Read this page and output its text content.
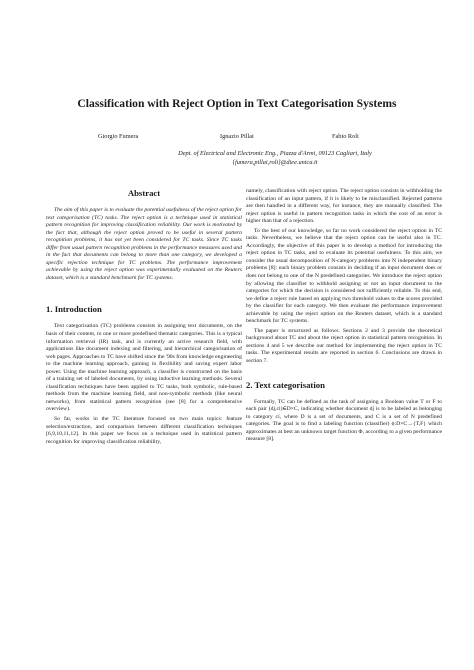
Classification with Reject Option in Text Categorisation Systems
Giorgio Fumera	Ignazio Pillai	Fabio Roli
Dept. of Electrical and Electronic Eng., Piazza d'Armi, 09123 Cagliari, Italy
{fumera,pillai,roli}@diee.unica.it
Abstract

The aim of this paper is to evaluate the potential usefulness of the reject option for text categorisation (TC) tasks. The reject option is a technique used in statistical pattern recognition for improving classification reliability. Our work is motivated by the fact that, although the reject option proved to be useful in several pattern recognition problems, it has not yet been considered for TC tasks. Since TC tasks differ from usual pattern recognition problems in the performance measures used and in the fact that documents can belong to more than one category, we developed a specific rejection technique for TC problems. The performance improvement achievable by using the reject option was experimentally evaluated on the Reuters dataset, which is a standard benchmark for TC systems.

1. Introduction

Text categorisation (TC) problems consists in assigning text documents, on the basis of their content, to one or more predefined thematic categories. This is a typical information retrieval (IR) task, and is currently an active research field, with applications like document indexing and filtering, and hierarchical categorisation of web pages. Approaches to TC have shifted since the '90s from knowledge engineering to the machine learning approach, gaining in flexibility and saving expert labor power. Using the machine learning approach, a classifier is constructed on the basis of a training set of labeled documents, by using inductive learning methods. Several classification techniques have been applied to TC tasks, both symbolic, rule-based methods from the machine learning field, and non-symbolic methods (like neural networks), from statistical pattern recognition (see [8] for a comprehensive overview).

So far, works in the TC literature focused on two main topics: feature selection/extraction, and comparison between different classification techniques [6,9,10,11,12]. In this paper we focus on a technique used in statistical pattern recognition for improving classification reliability,

namely, classification with reject option. The reject option consists in withholding the classification of an input pattern, if it is likely to be misclassified. Rejected patterns are then handled in a different way, for instance, they are manually classified. The reject option is useful in pattern recognition tasks in which the cost of an error is higher than that of a rejection.

To the best of our knowledge, so far no work considered the reject option in TC tasks. Nevertheless, we believe that the reject option can be useful also in TC. Accordingly, the objective of this paper is to develop a method for introducing the reject option in TC tasks, and to evaluate its potential usefulness. To this aim, we consider the usual decomposition of N-category problems into N independent binary problems [8]: each binary problem consists in deciding if an input document does or does not belong to one of the N predefined categories. We introduce the reject option by allowing the classifier to withhold assigning or not an input document to the categories for which the decision is considered not sufficiently reliable. To this end, we define a reject rule based on applying two threshold values to the scores provided by the classifier for each category. We then evaluate the performance improvement achievable by using the reject option on the Reuters dataset, which is a standard benchmark for TC systems.

The paper is structured as follows. Sections 2 and 3 provide the theoretical background about TC and about the reject option in statistical pattern recognition. In sections 4 and 5 we describe our method for implementing the reject option in TC tasks. The experimental results are reported in section 6. Conclusions are drawn in section 7.

2. Text categorisation

Formally, TC can be defined as the task of assigning a Boolean value T or F to each pair (dj,ci)∈D×C, indicating whether document dj is to be labeled as belonging to category ci, where D is a set of documents, and C is a set of N predefined categories. The goal is to find a labeling function (classifier) ϕ:D×C→{T,F} which approximates at best an unknown target function Φ, according to a given performance measure [8].
